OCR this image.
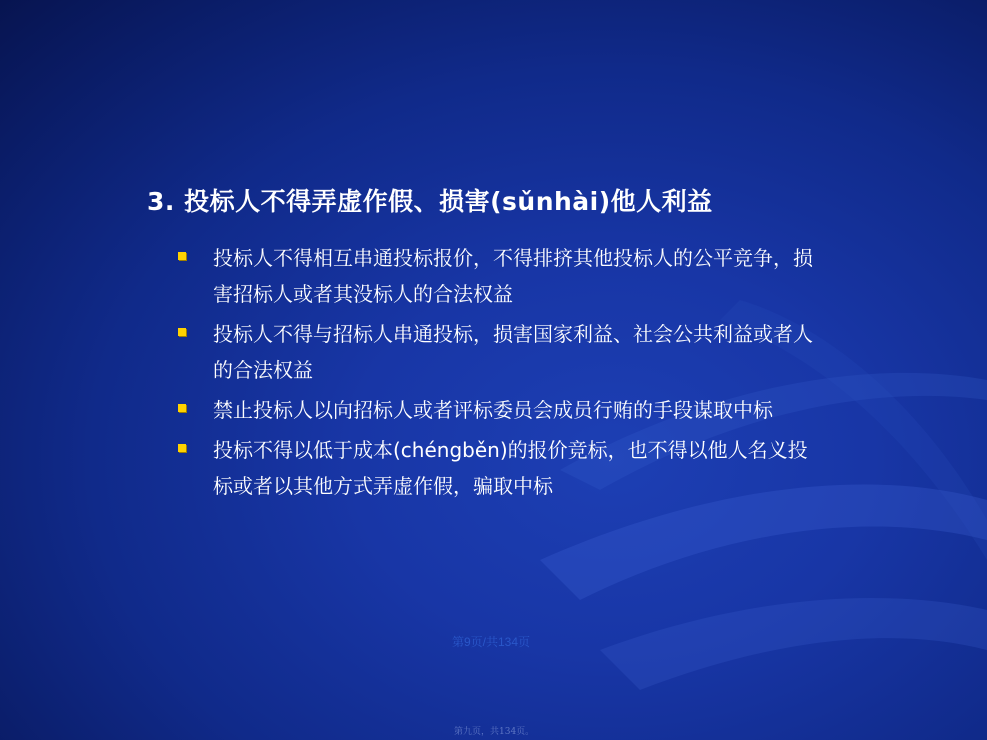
3. 投标人不得弄虚作假、损害(sǔnhài)他人利益
投标人不得相互串通投标报价，不得排挤其他投标人的公平竞争，损害招标人或者其没标人的合法权益
投标人不得与招标人串通投标，损害国家利益、社会公共利益或者人的合法权益
禁止投标人以向招标人或者评标委员会成员行贿的手段谋取中标
投标不得以低于成本(chéngběn)的报价竞标，也不得以他人名义投标或者以其他方式弄虚作假，骗取中标
第9页/共134页
第九页，共134页。
